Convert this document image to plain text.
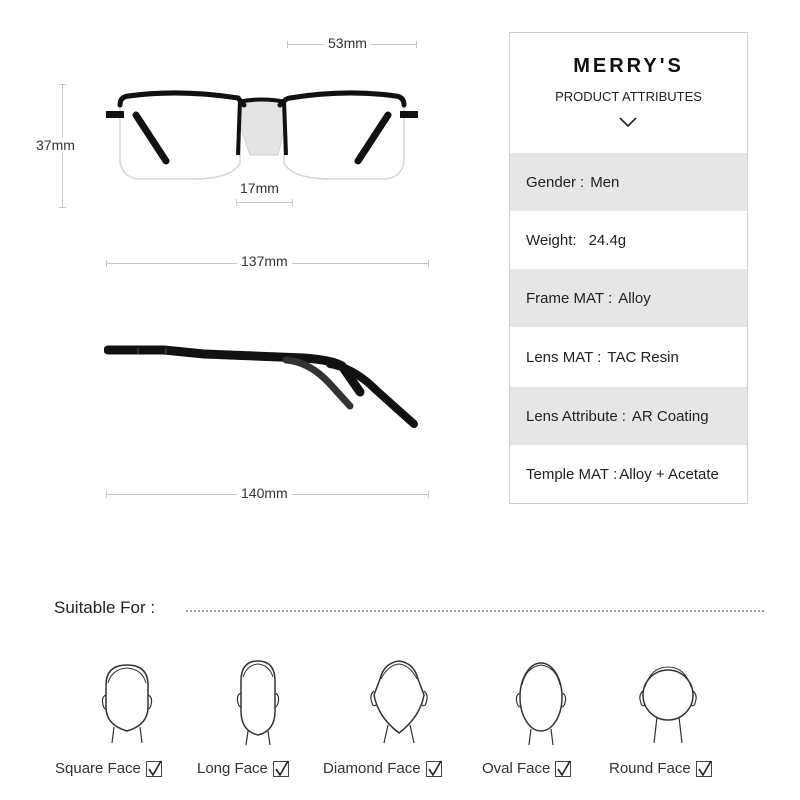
53mm
37mm
17mm
137mm
140mm
MERRY'S
PRODUCT ATTRIBUTES
Gender : Men
Weight: 24.4g
Frame MAT : Alloy
Lens MAT : TAC Resin
Lens Attribute : AR Coating
Temple MAT : Alloy + Acetate
Suitable For :
Square Face	Long Face	Diamond Face	Oval Face	Round Face
